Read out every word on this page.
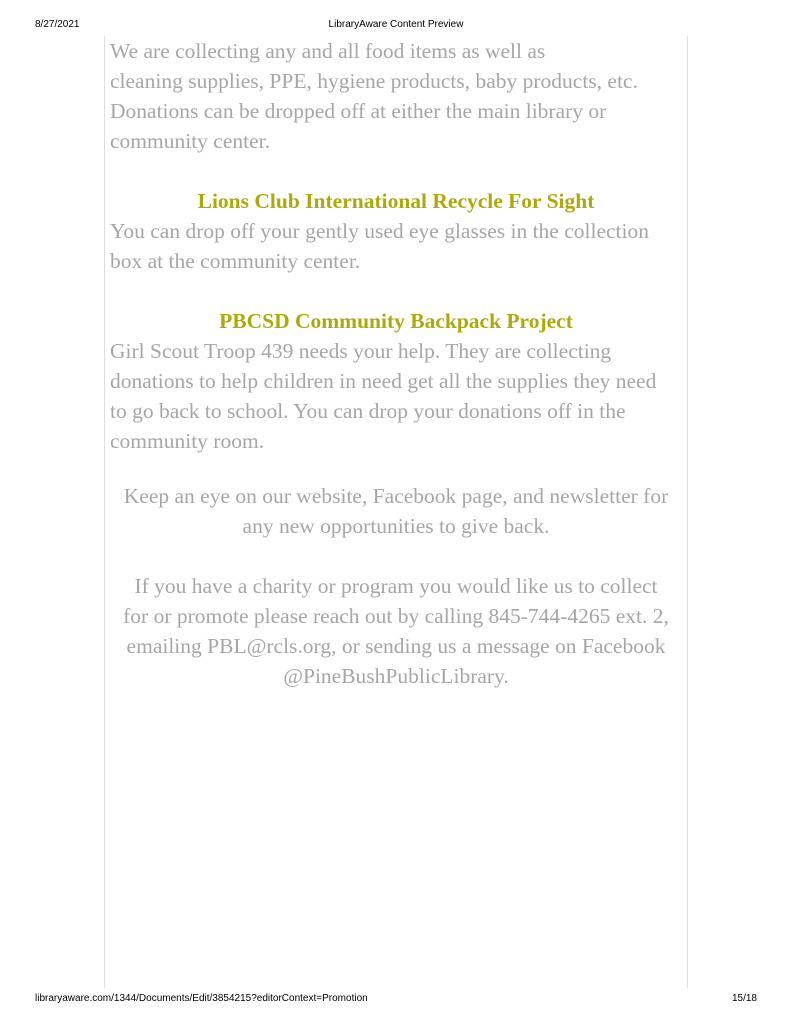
8/27/2021	LibraryAware Content Preview

We are collecting any and all food items as well as

cleaning supplies, PPE, hygiene products, baby products, etc.

Donations can be dropped off at either the main library or

community center.

Lions Club International Recycle For Sight

You can drop off your gently used eye glasses in the collection

box at the community center.

PBCSD Community Backpack Project

Girl Scout Troop 439 needs your help. They are collecting

donations to help children in need get all the supplies they need

to go back to school. You can drop your donations off in the

community room.

Keep an eye on our website, Facebook page, and newsletter for

any new opportunities to give back.

If you have a charity or program you would like us to collect

for or promote please reach out by calling 845-744-4265 ext. 2,

emailing PBL@rcls.org, or sending us a message on Facebook

@PineBushPublicLibrary.

libraryaware.com/1344/Documents/Edit/3854215?editorContext=Promotion	15/18
